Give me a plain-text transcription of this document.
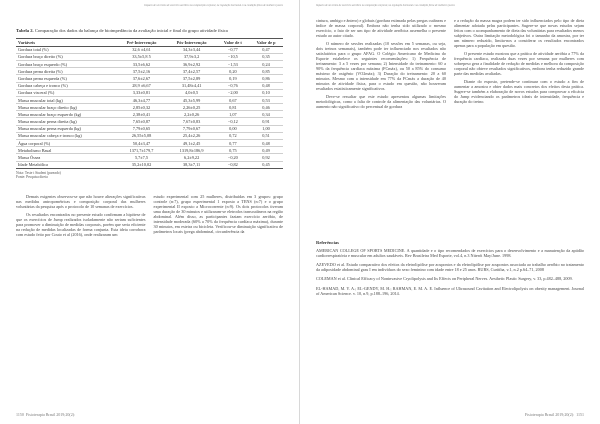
Impacto de um treino de exercício aeróbico na composição corporal, na regulação hormonal e na condição física de mulheres jovens
Tabela 2. Comparação dos dados da balança de bioimpedância da avaliação inicial e final do grupo atividade física
Variáveis	Pré-Intervenção	Pós-Intervenção	Valor de t	Valor de p
Gordura total (%)	32,6 ±4,61	34,3±3,44	−0,77	0,47
Gordura braço direito (%)	33,5±5,8 5	37,9±3,2	−10,5	0,35
Gordura braço esquerdo (%)	33,5±6,62	36,9±2,92	−1,53	0,24
Gordura perna direita (%)	37,5±2,16	37,4±2,57	0,20	0,85
Gordura perna esquerda (%)	37,6±2,67	37,5±2,89	0,19	0,86
Gordura cabeça e tronco (%)	28,9 ±6,67	31,48±4,41	−0,76	0,48
Gordura visceral (%)	3,33±0,81	4,0±0,5	−2,00	0,10
Massa muscular total (kg)	46,3±4,77	45,3±5,99	0,67	0,53
Massa muscular braço direito (kg)	2,85±0,32	2,26±0,25	0,81	0,46
Massa muscular braço esquerdo (kg)	2,38±0,41	2,2±0,26	1,07	0,34
Massa muscular perna direita (kg)	7,65±0,87	7,67±0,83	−0,12	0,91
Massa muscular perna esquerda (kg)	7,79±0,65	7,79±0,67	0,00	1,00
Massa muscular cabeça e tronco (kg)	26,55±5,08	25,4±2,26	0,72	0,51
Água corporal (%)	50,4±3,47	49,1±2,45	0,77	0,48
Metabolismo Basal	1371,7±179,7	1319,8±186,9	0,75	0,49
Massa Óssea	5,7±7,5	6,2±9,22	−0,20	0,92
Idade Metabólica	35,2±10,02	38,3±7,11	−0,82	0,45
Nota: Teste t Student (pareado)
Fonte: Pesquisa direta

Demais exigentes observou-se que não houve alterações significativas nas medidas antropométricas e composição corporal das mulheres voluntárias da pesquisa após o protocolo de 10 semanas de exercícios.

Os resultados encontrados no presente estudo confirmam a hipótese de que os exercícios de Jump realizados isoladamente não seriam suficientes para promover a diminuição de medidas corporais, porém que seria eficiente na redução de medidas localizadas de forma conjunta. Esta ideia corrobora com estudo feito por Couto et al (2016), onde realizaram um

estudo experimental com 25 mulheres, distribuídas em 3 grupos: grupo controle (n:7), grupo experimental 1 exposto a TENS (n:7) e o grupo experimental II exposto a Microcorrente (n:9). Os dois protocolos tiveram uma duração de 30 minutos e utilizaram-se eletrodos transcutâneos na região abdominal. Além disso, as participantes faziam exercício aeróbio, de intensidade moderada (60% a 70% da frequência cardíaca máxima), durante 30 minutos, em esteira ou bicicleta. Verificou-se diminuição significativa de parâmetros locais (prega abdominal, circunferência da

1150 Fisioterapia Brasil 2019;20(2):
Impacto de um treino de exercício aeróbico na composição corporal, na regulação hormonal e na condição física de mulheres jovens

cintura, umbigo e ântero) e globais (gordura estimada pelas pregas cutâneas e índice de massa corporal). Embora não tenha sido utilizado o mesmo exercício, o fato de ser um tipo de atividade aeróbica assemelha o presente estudo ao autor citado.

O número de sessões realizadas (10 sessões em 5 semanas, ou seja, dois treinos semanais), também pode ter influenciado nos resultados não satisfatórios para o grupo AFAG. O Colégio Americano de Medicina do Esporte estabelece os seguintes recomendações: 1) Frequência de treinamento: 3 a 5 vezes por semana; 2) Intensidade do treinamento: 60 a 90% da frequência cardíaca máxima (FCmáx), ou 50 a 85% do consumo máximo de oxigênio (VO2máx); 3) Duração do treinamento: 20 a 60 minutos. Mesmo com a intensidade em 77% da FCmáx a duração de 40 minutos de atividade física, para o estudo em questão, não houveram resultados estatisticamente significativos.

Deve-se ressaltar que este estudo apresentou algumas limitações metodológicas, como a falta de controle da alimentação das voluntárias. O aumento não significativo do percentual de gordura

e a redução da massa magra podem ter sido influenciados pelo tipo de dieta alimentar adotada pelas participantes. Sugere-se que novas estudos sejam feitos com o acompanhamento de dieta das voluntárias para resultados menos subjetivos. Outra limitação metodológica foi o tamanho da amostra, por ter um número reduzido, limita-nos a considerar os resultados encontrados apenas para a população em questão.

O presente estudo mostrou que a prática de atividade aeróbia a 77% da frequência cardíaca, realizada duas vezes por semana por mulheres com sobrepeso gera a finalidade de redução de medidas e melhora da composição corporal não obteve resultados significativos, embora tenha reduzido grande parte das medidas avaliadas.

Diante do exposto, pretende-se continuar com o estudo a fim de aumentar a amostra e obter dados mais concretos dos efeitos desta prática. Sugere-se também a elaboração de novos estudos para comprovar a eficácia do Jump evidenciando os parâmetros ideais de intensidade, frequência e duração do treino.

Referências

AMERICAN COLLEGE OF SPORTS MEDICINE. A quantidade e o tipo recomendados de exercícios para o desenvolvimento e a manutenção da aptidão cardiorrespiratória e muscular em adultos saudáveis. Rev Brasileira Med Esporte, vol.4, n.3 Niterói May/June. 1998.

AZEVEDO et al. Estudo comparativo dos efeitos da eletrolipólise por acupontos e da eletrolipólise por acupontos associada ao trabalho aeróbio no tratamento da adiposidade abdominal grau I em indivíduos do sexo feminino com idade entre 18 e 25 anos. RUBS, Curitiba, v.1, n.2 p.64–71, 2008

COLEMAN et al. Clinical Efficacy of Noninvasive Cryolipolysis and Its Effects on Peripheral Nerves. Aesthetic Plastic Surgery, v. 33, p.482–488, 2009.

EL-HAMAD, M. Y. A.; EL-GENDY, M. H.; RAHMAN, E. M. A. E. Influence of Ultrasound Cavitation and Electrolipolysis on obesity management. Journal of American Science. v. 10, n.9, p.188–196, 2014.

Fisioterapia Brasil 2019;20(2): 1151
